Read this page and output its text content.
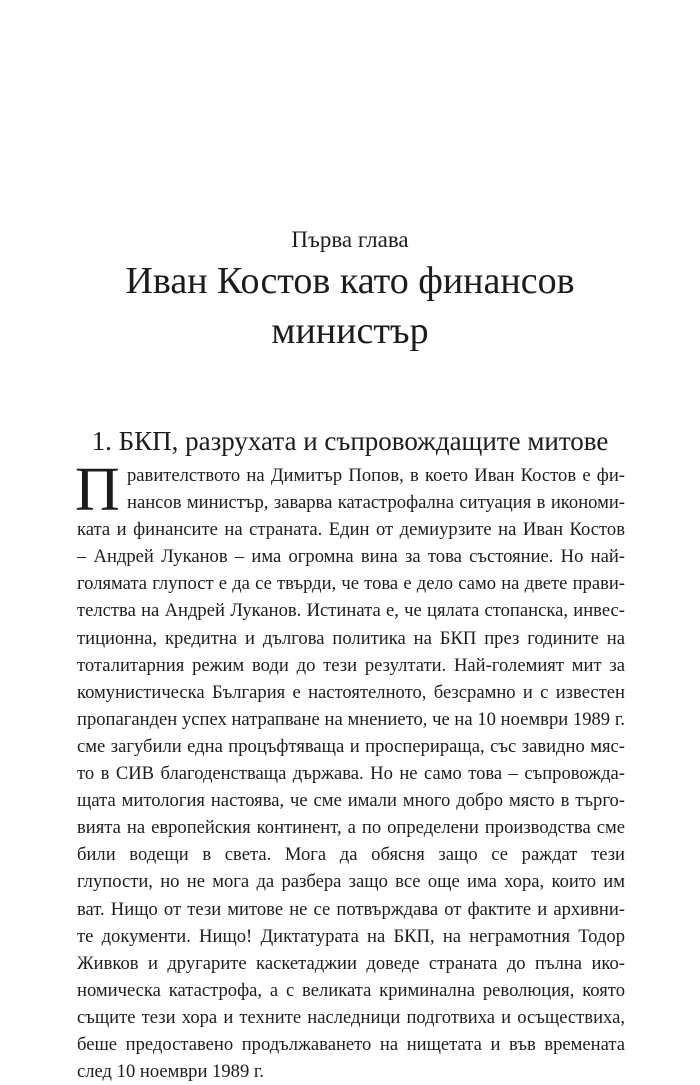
Първа глава
Иван Костов като финансов
министър
1. БКП, разрухата и съпровождащите митове
П равителството на Димитър Попов, в което Иван Костов е фи-
нансов министър, заварва катастрофална ситуация в икономи-
ката и финансите на страната. Един от демиурзите на Иван Костов
– Андрей Луканов – има огромна вина за това състояние. Но най-
голямата глупост е да се твърди, че това е дело само на двете прави-
телства на Андрей Луканов. Истината е, че цялата стопанска, инвес-
тиционна, кредитна и дългова политика на БКП през годините на
тоталитарния режим води до тези резултати. Най-големият мит за
комунистическа България е настоятелното, безсрамно и с известен
пропаганден успех натрапване на мнението, че на 10 ноември 1989 г.
сме загубили една процъфтяваща и просперираща, със завидно мяс-
то в СИВ благоденстваща държава. Но не само това – съпровожда-
щата митология настоява, че сме имали много добро място в търго-
вията на европейския континент, а по определени производства сме
били водещи в света. Мога да обясня защо се раждат тези
глупости, но не мога да разбера защо все още има хора, които им
ват. Нищо от тези митове не се потвърждава от фактите и архивни-
те документи. Нищо! Диктатурата на БКП, на неграмотния Тодор
Живков и другарите каскетаджии доведе страната до пълна ико-
номическа катастрофа, а с великата криминална революция, която
същите тези хора и техните наследници подготвиха и осъществиха,
беше предоставено продължаването на нищетата и във времената
след 10 ноември 1989 г.
